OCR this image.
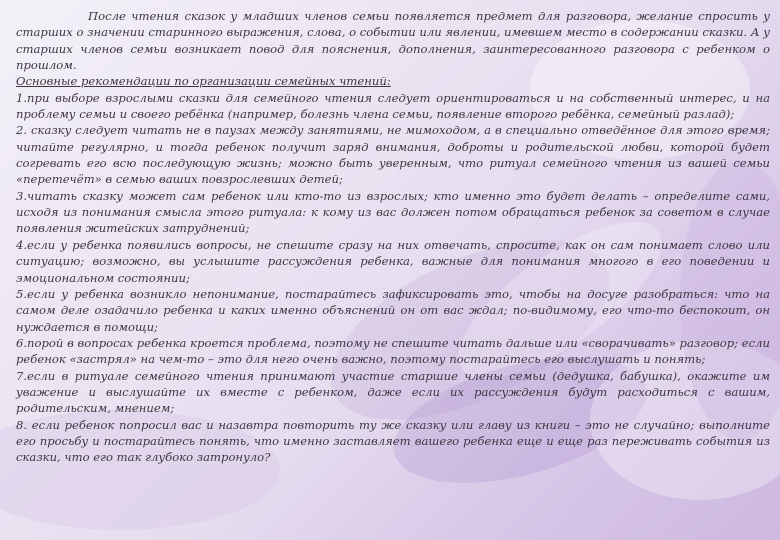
После чтения сказок у младших членов семьи появляется предмет для разговора, желание спросить у старших о значении старинного выражения, слова, о событии или явлении, имевшем место в содержании сказки. А у старших членов семьи возникает повод для пояснения, дополнения, заинтересованного разговора с ребенком о прошлом.

Основные рекомендации по организации семейных чтений:

1.при выборе взрослыми сказки для семейного чтения следует ориентироваться и на собственный интерес, и на проблему семьи и своего ребёнка (например, болезнь члена семьи, появление второго ребёнка, семейный разлад);

2. сказку следует читать не в паузах между занятиями, не мимоходом, а в специально отведённое для этого время; читайте регулярно, и тогда ребенок получит заряд внимания, доброты и родительской любви, которой будет согревать его всю последующую жизнь; можно быть уверенным, что ритуал семейного чтения из вашей семьи «перетечёт» в семью ваших повзрослевших детей;

3.читать сказку может сам ребенок или кто-то из взрослых; кто именно это будет делать – определите сами, исходя из понимания смысла этого ритуала: к кому из вас должен потом обращаться ребенок за советом в случае появления житейских затруднений;

4.если у ребенка появились вопросы, не спешите сразу на них отвечать, спросите, как он сам понимает слово или ситуацию; возможно, вы услышите рассуждения ребенка, важные для понимания многого в его поведении и эмоциональном состоянии;

5.если у ребенка возникло непонимание, постарайтесь зафиксировать это, чтобы на досуге разобраться: что на самом деле озадачило ребенка и каких именно объяснений он от вас ждал; по-видимому, его что-то беспокоит, он нуждается в помощи;

6.порой в вопросах ребенка кроется проблема, поэтому не спешите читать дальше или «сворачивать» разговор; если ребенок «застрял» на чем-то – это для него очень важно, поэтому постарайтесь его выслушать и понять;

7.если в ритуале семейного чтения принимают участие старшие члены семьи (дедушка, бабушка), окажите им уважение и выслушайте их вместе с ребенком, даже если их рассуждения будут расходиться с вашим, родительским, мнением;

8. если ребенок попросил вас и назавтра повторить ту же сказку или главу из книги – это не случайно; выполните его просьбу и постарайтесь понять, что именно заставляет вашего ребенка еще и еще раз переживать события из сказки, что его так глубоко затронуло?
